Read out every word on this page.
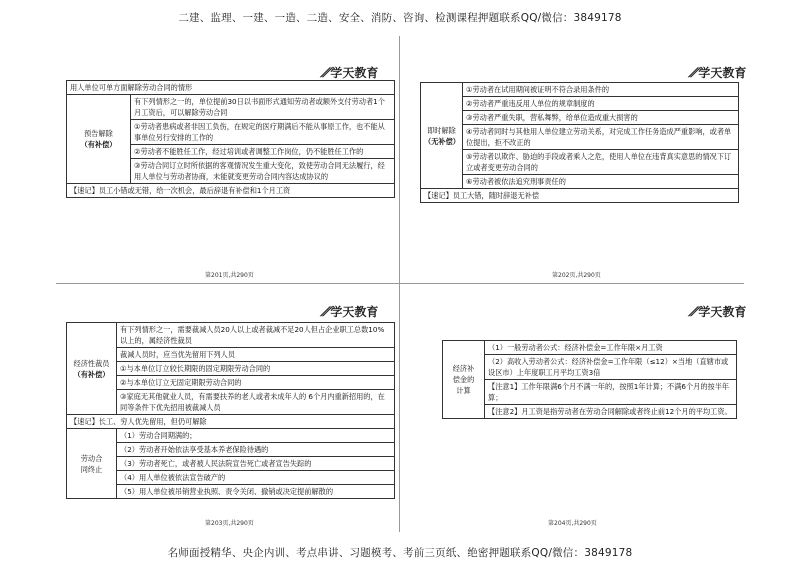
二建、监理、一建、一造、二造、安全、消防、咨询、检测课程押题联系QQ/微信：3849178
⁄⁄学天教育
用人单位可单方面解除劳动合同的情形
预告解除
（有补偿）	有下列情形之一的，单位提前30日以书面形式通知劳动者或额外支付劳动者1个月工资后，可以解除劳动合同
①劳动者患病或者非因工负伤，在规定的医疗期满后不能从事原工作，也不能从事单位另行安排的工作的
②劳动者不能胜任工作，经过培训或者调整工作岗位，仍不能胜任工作的
③劳动合同订立时所依据的客观情况发生重大变化，致使劳动合同无法履行，经用人单位与劳动者协商，未能就变更劳动合同内容达成协议的
【速记】员工小错或无错，给一次机会，最后辞退有补偿和1个月工资
第201页,共290页
⁄⁄学天教育
即时解除
（无补偿）	①劳动者在试用期间被证明不符合录用条件的
②劳动者严重违反用人单位的规章制度的
③劳动者严重失职，营私舞弊，给单位造成重大损害的
④劳动者同时与其他用人单位建立劳动关系，对完成工作任务造成严重影响，或者单位提出，拒不改正的
⑤劳动者以欺诈、胁迫的手段或者乘人之危，使用人单位在违背真实意思的情况下订立或者变更劳动合同的
⑥劳动者被依法追究刑事责任的
【速记】员工大错，随时辞退无补偿
第202页,共290页
⁄⁄学天教育
经济性裁员
（有补偿）	有下列情形之一，需要裁减人员20人以上或者裁减不足20人但占企业职工总数10%以上的，属经济性裁员
	裁减人员时，应当优先留用下列人员
	①与本单位订立较长期限的固定期限劳动合同的
	②与本单位订立无固定期限劳动合同的
	③家庭无其他就业人员，有需要扶养的老人或者未成年人的 6个月内重新招用的，在同等条件下优先招用被裁减人员
【速记】长工、穷人优先留用，但仍可解除	
劳动合
同终止	（1）劳动合同期满的；
	（2）劳动者开始依法享受基本养老保险待遇的
	（3）劳动者死亡，或者被人民法院宣告死亡或者宣告失踪的
	（4）用人单位被依法宣告破产的
	（5）用人单位被吊销营业执照、责令关闭、撤销或决定提前解散的
第203页,共290页
⁄⁄学天教育
经济补
偿金的
计算	（1）一般劳动者公式：经济补偿金=工作年限×月工资
（2）高收入劳动者公式：经济补偿金=工作年限（≤12）×当地（直辖市或设区市）上年度职工月平均工资3倍
【注意1】工作年限满6个月不满一年的，按照1年计算；不满6个月的按半年算；
【注意2】月工资是指劳动者在劳动合同解除或者终止前12个月的平均工资。
第204页,共290页
名师面授精华、央企内训、考点串讲、习题模考、考前三页纸、绝密押题联系QQ/微信：3849178
